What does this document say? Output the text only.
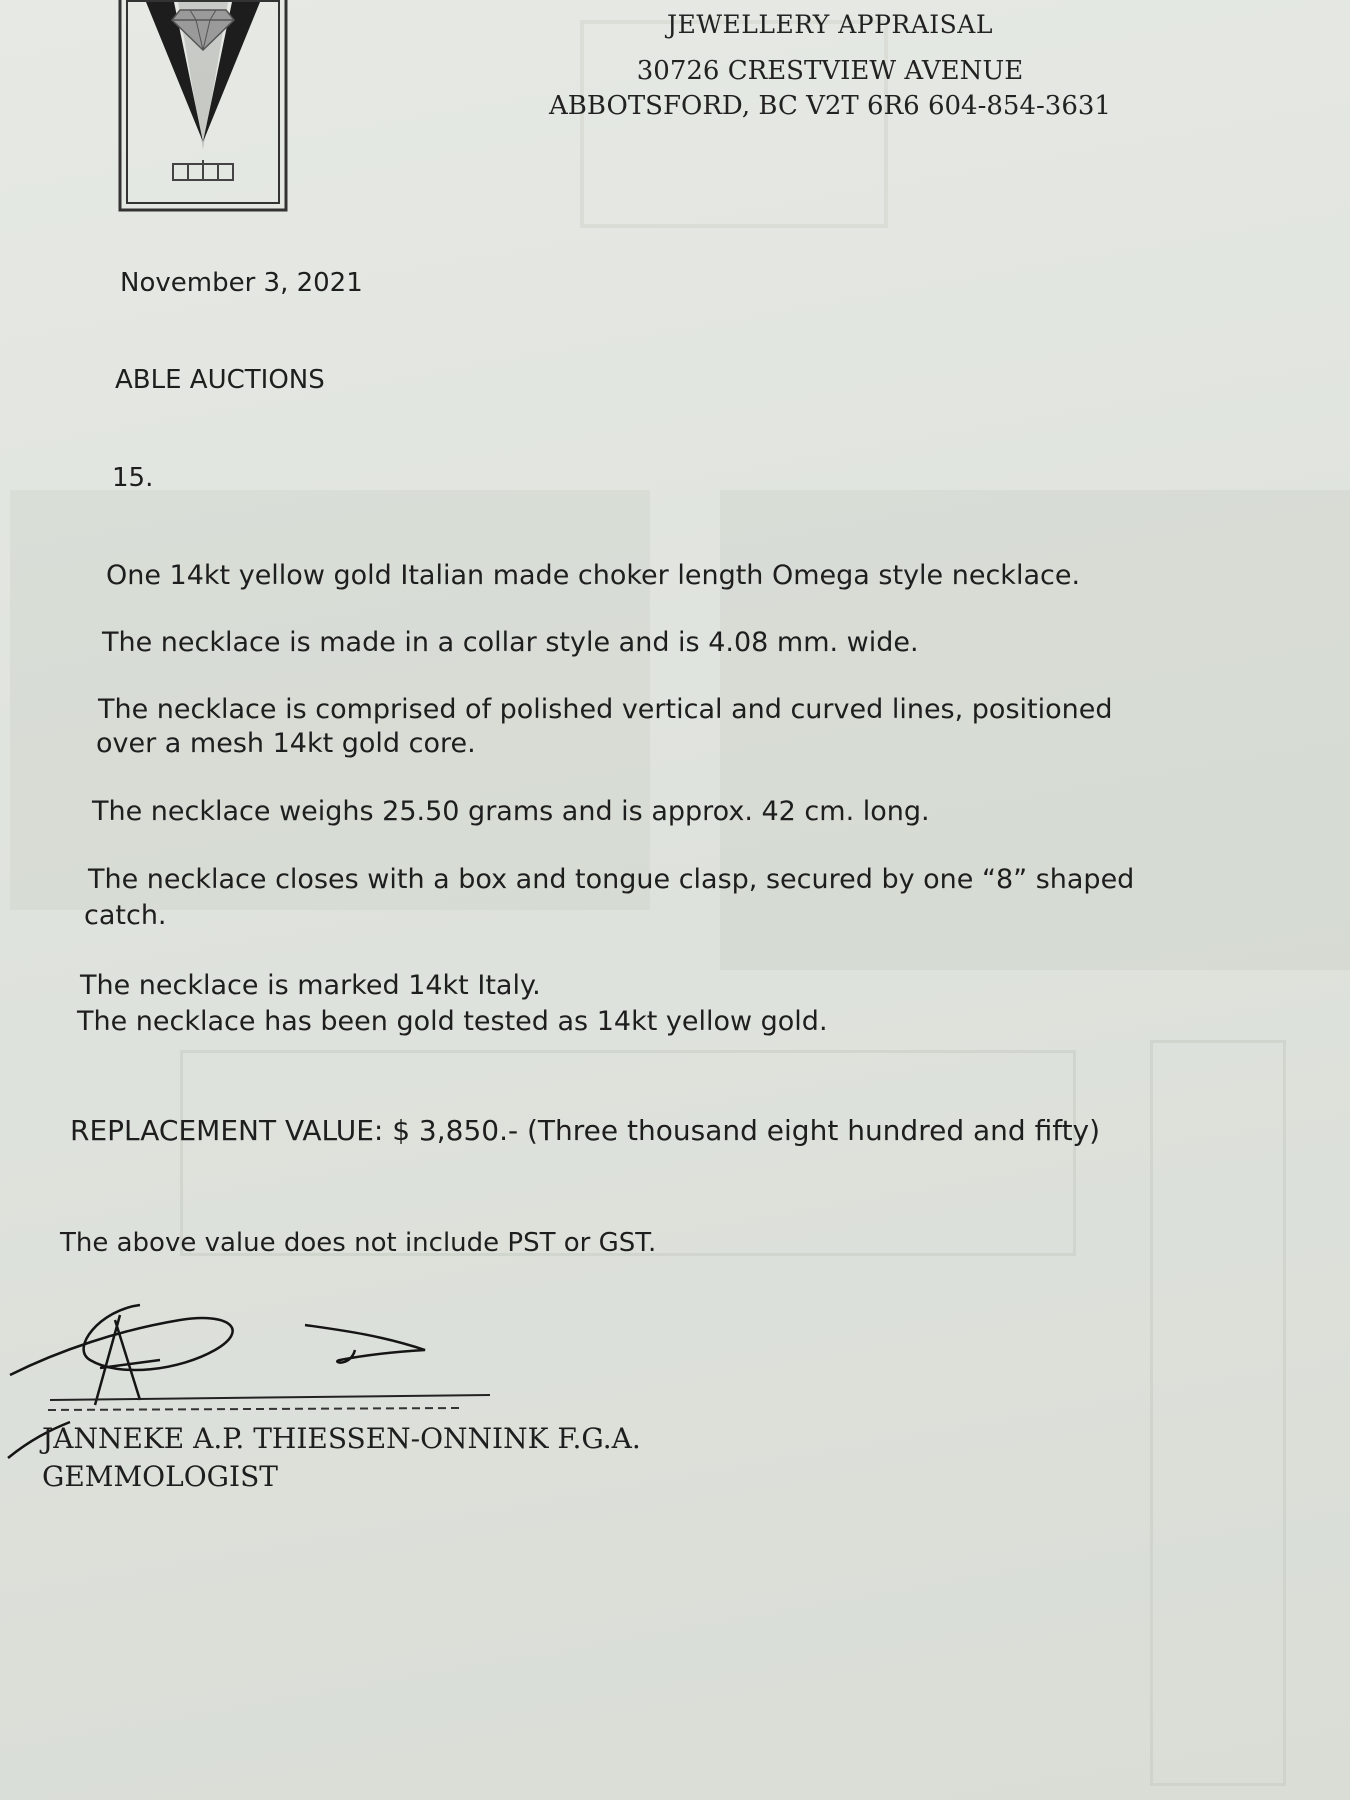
JEWELLERY APPRAISAL
30726 CRESTVIEW AVENUE
ABBOTSFORD, BC V2T 6R6 604-854-3631
November 3, 2021
ABLE AUCTIONS
15.
One 14kt yellow gold Italian made choker length Omega style necklace.
The necklace is made in a collar style and is 4.08 mm. wide.
The necklace is comprised of polished vertical and curved lines, positioned
over a mesh 14kt gold core.
The necklace weighs 25.50 grams and is approx. 42 cm. long.
The necklace closes with a box and tongue clasp, secured by one “8” shaped
catch.
The necklace is marked 14kt Italy.
The necklace has been gold tested as 14kt yellow gold.
REPLACEMENT VALUE: $ 3,850.- (Three thousand eight hundred and fifty)
The above value does not include PST or GST.
JANNEKE A.P. THIESSEN-ONNINK F.G.A.
GEMMOLOGIST
